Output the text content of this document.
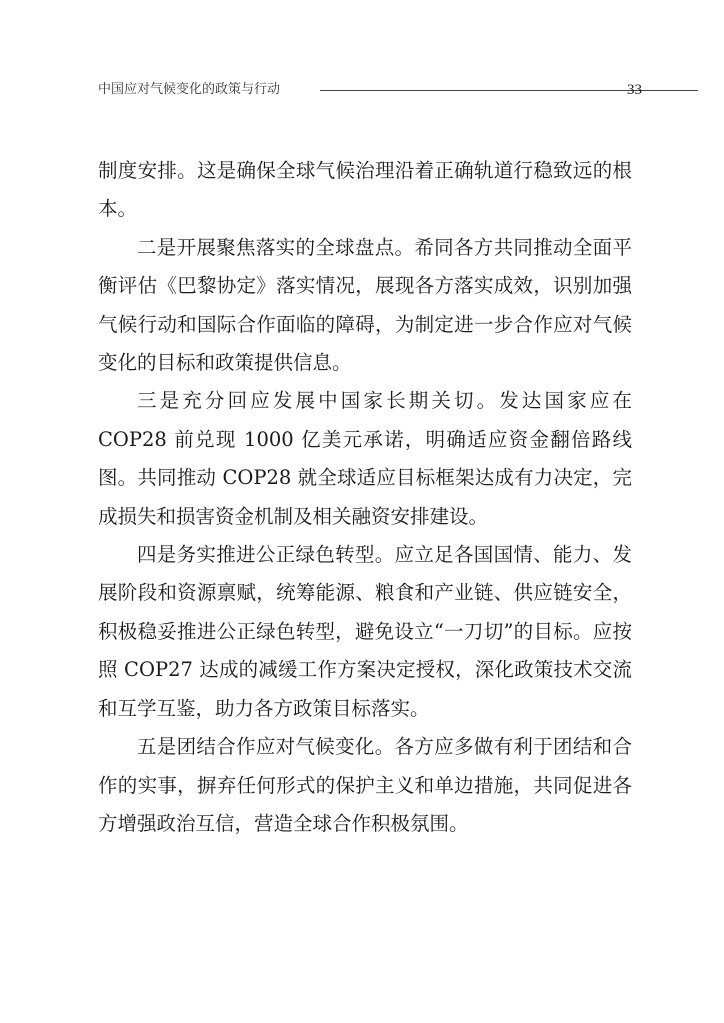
中国应对气候变化的政策与行动	33

制度安排。这是确保全球气候治理沿着正确轨道行稳致远的根本。

二是开展聚焦落实的全球盘点。希同各方共同推动全面平衡评估《巴黎协定》落实情况，展现各方落实成效，识别加强气候行动和国际合作面临的障碍，为制定进一步合作应对气候变化的目标和政策提供信息。

三是充分回应发展中国家长期关切。发达国家应在 COP28 前兑现 1000 亿美元承诺，明确适应资金翻倍路线图。共同推动 COP28 就全球适应目标框架达成有力决定，完成损失和损害资金机制及相关融资安排建设。

四是务实推进公正绿色转型。应立足各国国情、能力、发展阶段和资源禀赋，统筹能源、粮食和产业链、供应链安全，积极稳妥推进公正绿色转型，避免设立“一刀切”的目标。应按照 COP27 达成的减缓工作方案决定授权，深化政策技术交流和互学互鉴，助力各方政策目标落实。

五是团结合作应对气候变化。各方应多做有利于团结和合作的实事，摒弃任何形式的保护主义和单边措施，共同促进各方增强政治互信，营造全球合作积极氛围。
